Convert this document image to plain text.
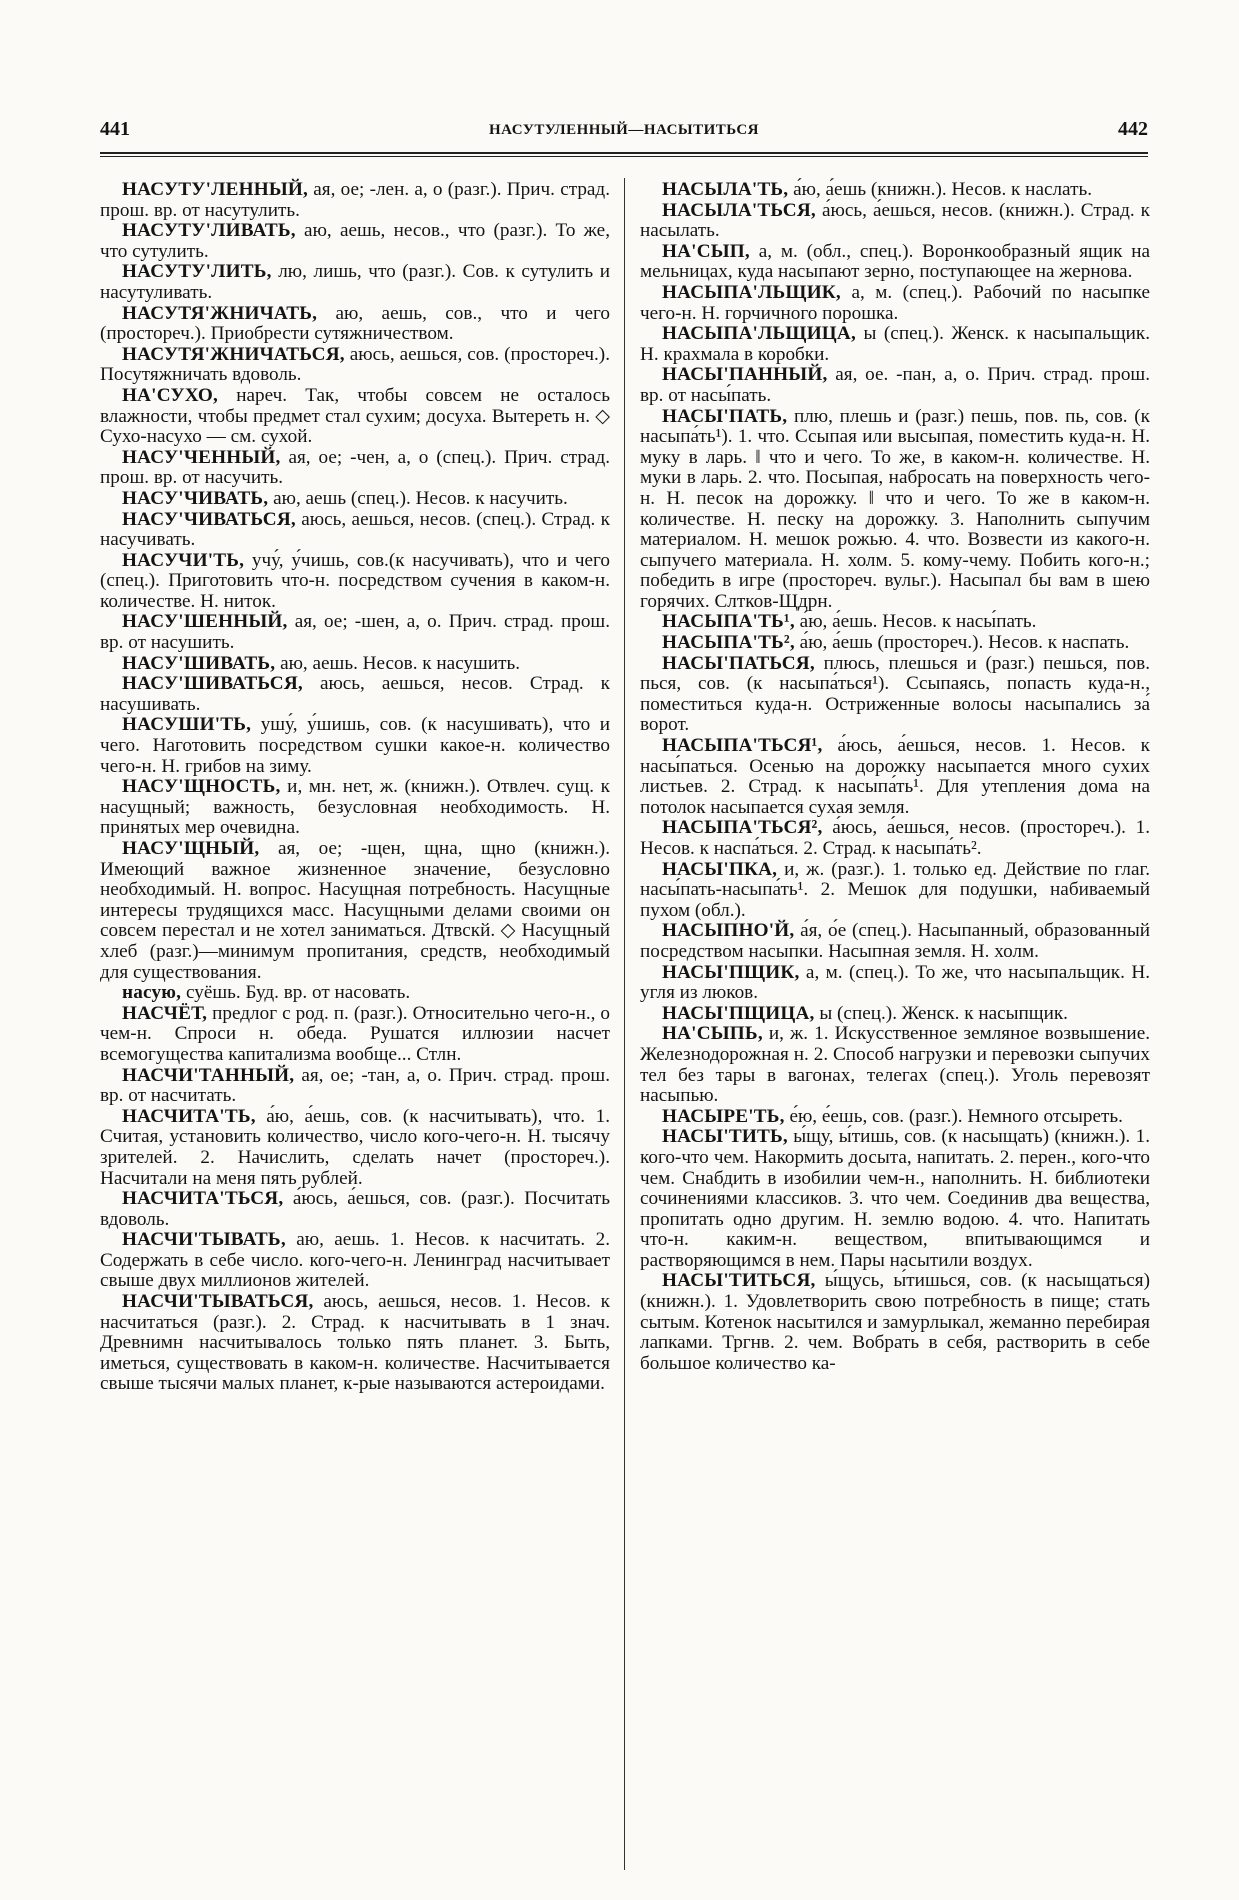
441	НАСУТУЛЕННЫЙ—НАСЫТИТЬСЯ	442

НАСУТУ'ЛЕННЫЙ, ая, ое; -лен. а, о (разг.). Прич. страд. прош. вр. от насутулить.

НАСУТУ'ЛИВАТЬ, аю, аешь, несов., что (разг.). То же, что сутулить.

НАСУТУ'ЛИТЬ, лю, лишь, что (разг.). Сов. к сутулить и насутуливать.

НАСУТЯ'ЖНИЧАТЬ, аю, аешь, сов., что и чего (простореч.). Приобрести сутяжничеством.

НАСУТЯ'ЖНИЧАТЬСЯ, аюсь, аешься, сов. (простореч.). Посутяжничать вдоволь.

НА'СУХО, нареч. Так, чтобы совсем не осталось влажности, чтобы предмет стал сухим; досуха. Вытереть н. ◇ Сухо-насухо — см. сухой.

НАСУ'ЧЕННЫЙ, ая, ое; -чен, а, о (спец.). Прич. страд. прош. вр. от насучить.

НАСУ'ЧИВАТЬ, аю, аешь (спец.). Несов. к насучить.

НАСУ'ЧИВАТЬСЯ, аюсь, аешься, несов. (спец.). Страд. к насучивать.

НАСУЧИ'ТЬ, учу́, у́чишь, сов.(к насучивать), что и чего (спец.). Приготовить что-н. посредством сучения в каком-н. количестве. Н. ниток.

НАСУ'ШЕННЫЙ, ая, ое; -шен, а, о. Прич. страд. прош. вр. от насушить.

НАСУ'ШИВАТЬ, аю, аешь. Несов. к насушить.

НАСУ'ШИВАТЬСЯ, аюсь, аешься, несов. Страд. к насушивать.

НАСУШИ'ТЬ, ушу́, у́шишь, сов. (к насушивать), что и чего. Наготовить посредством сушки какое-н. количество чего-н. Н. грибов на зиму.

НАСУ'ЩНОСТЬ, и, мн. нет, ж. (книжн.). Отвлеч. сущ. к насущный; важность, безусловная необходимость. Н. принятых мер очевидна.

НАСУ'ЩНЫЙ, ая, ое; -щен, щна, щно (книжн.). Имеющий важное жизненное значение, безусловно необходимый. Н. вопрос. Насущная потребность. Насущные интересы трудящихся масс. Насущными делами своими он совсем перестал и не хотел заниматься. Дтвскй. ◇ Насущный хлеб (разг.)—минимум пропитания, средств, необходимый для существования.

насую, суёшь. Буд. вр. от насовать.

НАСЧЁТ, предлог с род. п. (разг.). Относительно чего-н., о чем-н. Спроси н. обеда. Рушатся иллюзии насчет всемогущества капитализма вообще... Стлн.

НАСЧИ'ТАННЫЙ, ая, ое; -тан, а, о. Прич. страд. прош. вр. от насчитать.

НАСЧИТА'ТЬ, а́ю, а́ешь, сов. (к насчитывать), что. 1. Считая, установить количество, число кого-чего-н. Н. тысячу зрителей. 2. Начислить, сделать начет (простореч.). Насчитали на меня пять рублей.

НАСЧИТА'ТЬСЯ, а́юсь, а́ешься, сов. (разг.). Посчитать вдоволь.

НАСЧИ'ТЫВАТЬ, аю, аешь. 1. Несов. к насчитать. 2. Содержать в себе число. кого-чего-н. Ленинград насчитывает свыше двух миллионов жителей.

НАСЧИ'ТЫВАТЬСЯ, аюсь, аешься, несов. 1. Несов. к насчитаться (разг.). 2. Страд. к насчитывать в 1 знач. Древнимн насчитывалось только пять планет. 3. Быть, иметься, существовать в каком-н. количестве. Насчитывается свыше тысячи малых планет, к-рые называются астероидами.

НАСЫЛА'ТЬ, а́ю, а́ешь (книжн.). Несов. к наслать.

НАСЫЛА'ТЬСЯ, а́юсь, а́ешься, несов. (книжн.). Страд. к насылать.

НА'СЫП, а, м. (обл., спец.). Воронкообразный ящик на мельницах, куда насыпают зерно, поступающее на жернова.

НАСЫПА'ЛЬЩИК, а, м. (спец.). Рабочий по насыпке чего-н. Н. горчичного порошка.

НАСЫПА'ЛЬЩИЦА, ы (спец.). Женск. к насыпальщик. Н. крахмала в коробки.

НАСЫ'ПАННЫЙ, ая, ое. -пан, а, о. Прич. страд. прош. вр. от насы́пать.

НАСЫ'ПАТЬ, плю, плешь и (разг.) пешь, пов. пь, сов. (к насыпа́ть¹). 1. что. Ссыпая или высыпая, поместить куда-н. Н. муку в ларь. ‖ что и чего. То же, в каком-н. количестве. Н. муки в ларь. 2. что. Посыпая, набросать на поверхность чего-н. Н. песок на дорожку. ‖ что и чего. То же в каком-н. количестве. Н. песку на дорожку. 3. Наполнить сыпучим материалом. Н. мешок рожью. 4. что. Возвести из какого-н. сыпучего материала. Н. холм. 5. кому-чему. Побить кого-н.; победить в игре (простореч. вульг.). Насыпал бы вам в шею горячих. Слтков-Щдрн.

НАСЫПА'ТЬ¹, а́ю, а́ешь. Несов. к насы́пать.

НАСЫПА'ТЬ², а́ю, а́ешь (простореч.). Несов. к наспать.

НАСЫ'ПАТЬСЯ, плюсь, плешься и (разг.) пешься, пов. пься, сов. (к насыпа́ться¹). Ссыпаясь, попасть куда-н., поместиться куда-н. Остриженные волосы насыпались за́ ворот.

НАСЫПА'ТЬСЯ¹, а́юсь, а́ешься, несов. 1. Несов. к насы́паться. Осенью на дорожку насыпается много сухих листьев. 2. Страд. к насыпа́ть¹. Для утепления дома на потолок насыпается сухая земля.

НАСЫПА'ТЬСЯ², а́юсь, а́ешься, несов. (простореч.). 1. Несов. к наспа́ться. 2. Страд. к насыпа́ть².

НАСЫ'ПКА, и, ж. (разг.). 1. только ед. Действие по глаг. насы́пать-насыпа́ть¹. 2. Мешок для подушки, набиваемый пухом (обл.).

НАСЫПНО'Й, а́я, о́е (спец.). Насыпанный, образованный посредством насыпки. Насыпная земля. Н. холм.

НАСЫ'ПЩИК, а, м. (спец.). То же, что насыпальщик. Н. угля из люков.

НАСЫ'ПЩИЦА, ы (спец.). Женск. к насыпщик.

НА'СЫПЬ, и, ж. 1. Искусственное земляное возвышение. Железнодорожная н. 2. Способ нагрузки и перевозки сыпучих тел без тары в вагонах, телегах (спец.). Уголь перевозят насыпью.

НАСЫРЕ'ТЬ, е́ю, е́ешь, сов. (разг.). Немного отсыреть.

НАСЫ'ТИТЬ, ы́щу, ы́тишь, сов. (к насыщать) (книжн.). 1. кого-что чем. Накормить досыта, напитать. 2. перен., кого-что чем. Снабдить в изобилии чем-н., наполнить. Н. библиотеки сочинениями классиков. 3. что чем. Соединив два вещества, пропитать одно другим. Н. землю водою. 4. что. Напитать что-н. каким-н. веществом, впитывающимся и растворяющимся в нем. Пары насытили воздух.

НАСЫ'ТИТЬСЯ, ы́щусь, ы́тишься, сов. (к насыщаться) (книжн.). 1. Удовлетворить свою потребность в пище; стать сытым. Котенок насытился и замурлыкал, жеманно перебирая лапками. Тргнв. 2. чем. Вобрать в себя, растворить в себе большое количество ка-
